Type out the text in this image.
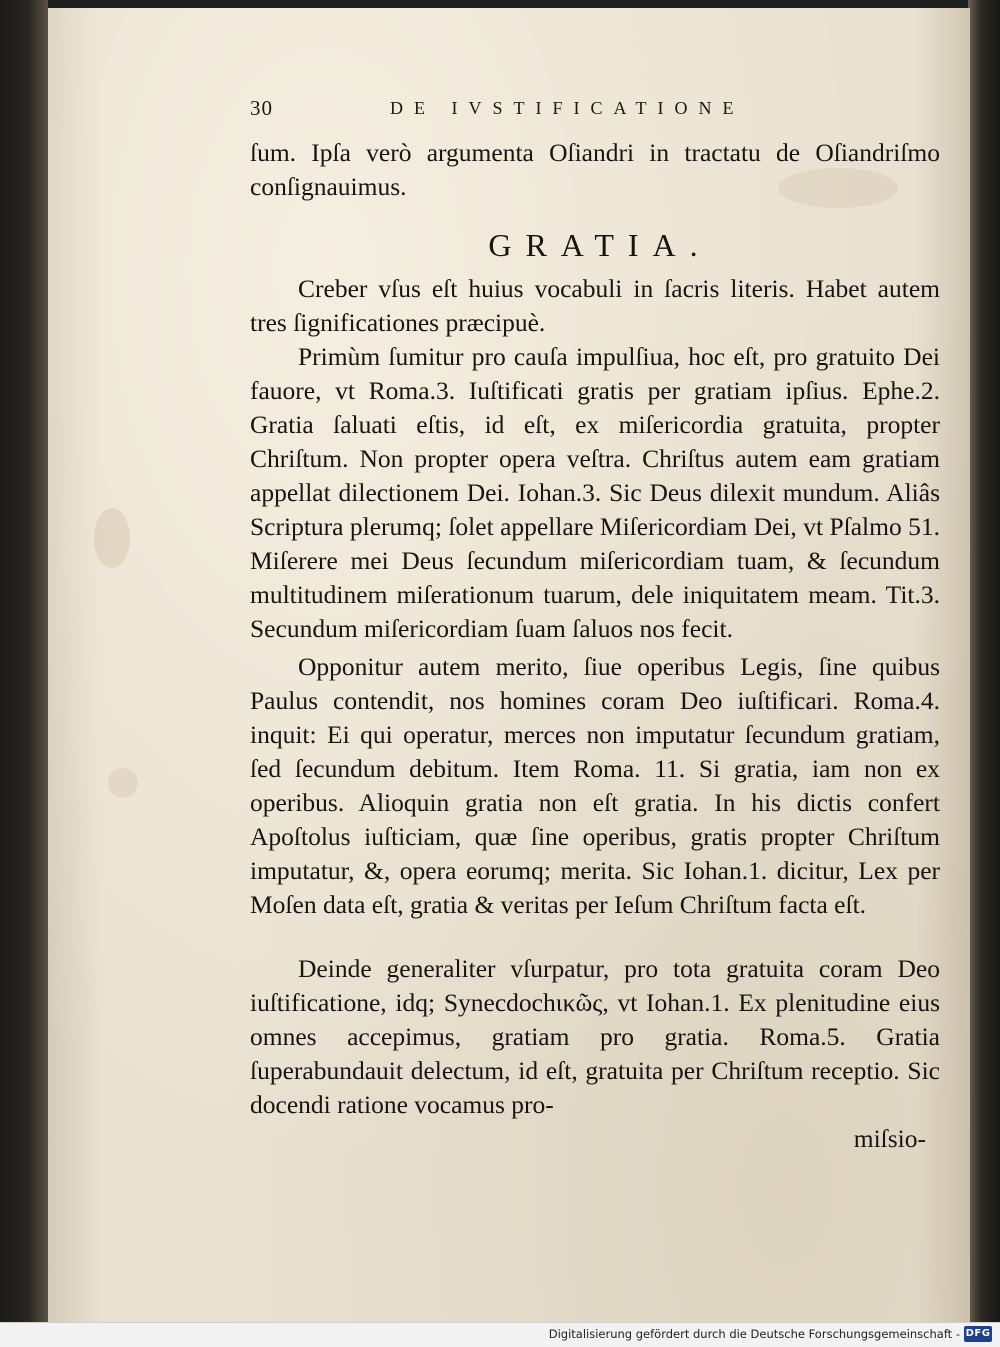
30	DE IVSTIFICATIONE

ſum. Ipſa verò argumenta Oſiandri in tractatu de Oſiandriſmo conſignauimus.

GRATIA.

Creber vſus eſt huius vocabuli in ſacris literis. Habet autem tres ſignificationes præcipuè.

Primùm ſumitur pro cauſa impulſiua, hoc eſt, pro gratuito Dei fauore, vt Roma.3. Iuſtificati gratis per gratiam ipſius. Ephe.2. Gratia ſaluati eſtis, id eſt, ex miſericordia gratuita, propter Chriſtum. Non propter opera veſtra. Chriſtus autem eam gratiam appellat dilectionem Dei. Iohan.3. Sic Deus dilexit mundum. Aliâs Scriptura plerumq; ſolet appellare Miſericordiam Dei, vt Pſalmo 51. Miſerere mei Deus ſecundum miſericordiam tuam, & ſecundum multitudinem miſerationum tuarum, dele iniquitatem meam. Tit.3. Secundum miſericordiam ſuam ſaluos nos fecit.

Opponitur autem merito, ſiue operibus Legis, ſine quibus Paulus contendit, nos homines coram Deo iuſtificari. Roma.4. inquit: Ei qui operatur, merces non imputatur ſecundum gratiam, ſed ſecundum debitum. Item Roma. 11. Si gratia, iam non ex operibus. Alioquin gratia non eſt gratia. In his dictis confert Apoſtolus iuſticiam, quæ ſine operibus, gratis propter Chriſtum imputatur, &, opera eorumq; merita. Sic Iohan.1. dicitur, Lex per Moſen data eſt, gratia & veritas per Ieſum Chriſtum facta eſt.

Deinde generaliter vſurpatur, pro tota gratuita coram Deo iuſtificatione, idq; Synecdochικῶς, vt Iohan.1. Ex plenitudine eius omnes accepimus, gratiam pro gratia. Roma.5. Gratia ſuperabundauit delectum, id eſt, gratuita per Chriſtum receptio. Sic docendi ratione vocamus pro-

miſsio-

Digitalisierung gefördert durch die Deutsche Forschungsgemeinschaft - DFG
